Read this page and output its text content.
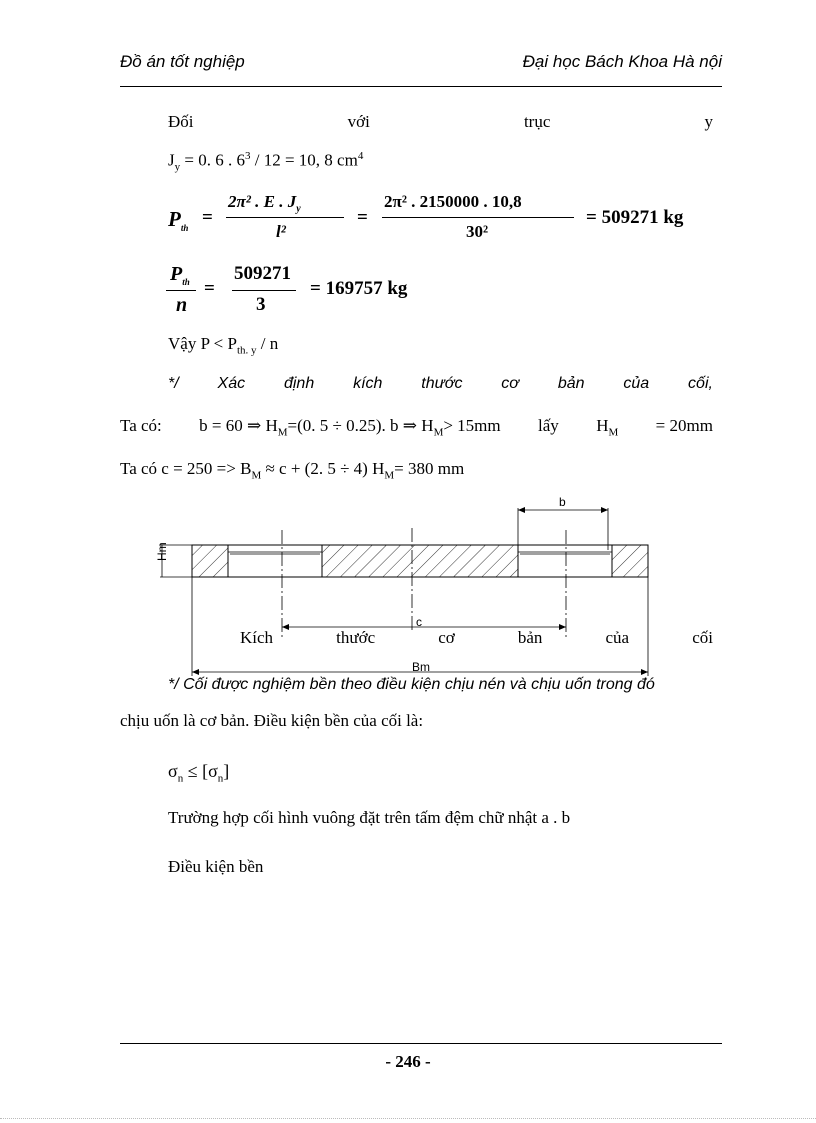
Đồ án tốt nghiệp	Đại học Bách Khoa Hà nội
Đối	với	trục	y
$J_y = 0$. 6 . $6^3 / 12 = 10$, 8 $cm^4$
$P_{th}$
=
2π² . E . $J_y$
l²
=
2π² . 2150000 . 10,8
30²
= 509271 kg
$P_{th}$
n
=
509271
3
= 169757 kg
Vậy $P < P_{th. y} / n$
*/ Xác định kích thước cơ bản của cối,
Ta có: b = 60 ⇒ $H_M=(0$. 5 ÷ 0.25). b ⇒ $H_M> 15mm$ lấy $H_M = 20mm$
Ta có $c = 250 => B_M \approx c + (2$. 5 ÷ 4) $H_M= 380$ mm
b
Hm
c
Bm
Kích	thước	cơ	bản	của	cối
*/ Cối được nghiệm bền theo điều kiện chịu nén và chịu uốn trong đó
chịu uốn là cơ bản. Điều kiện bền của cối là:
$\sigma_n \le [\sigma_n]$
Trường hợp cối hình vuông đặt trên tấm đệm chữ nhật a . b
Điều kiện bền
- 246 -
